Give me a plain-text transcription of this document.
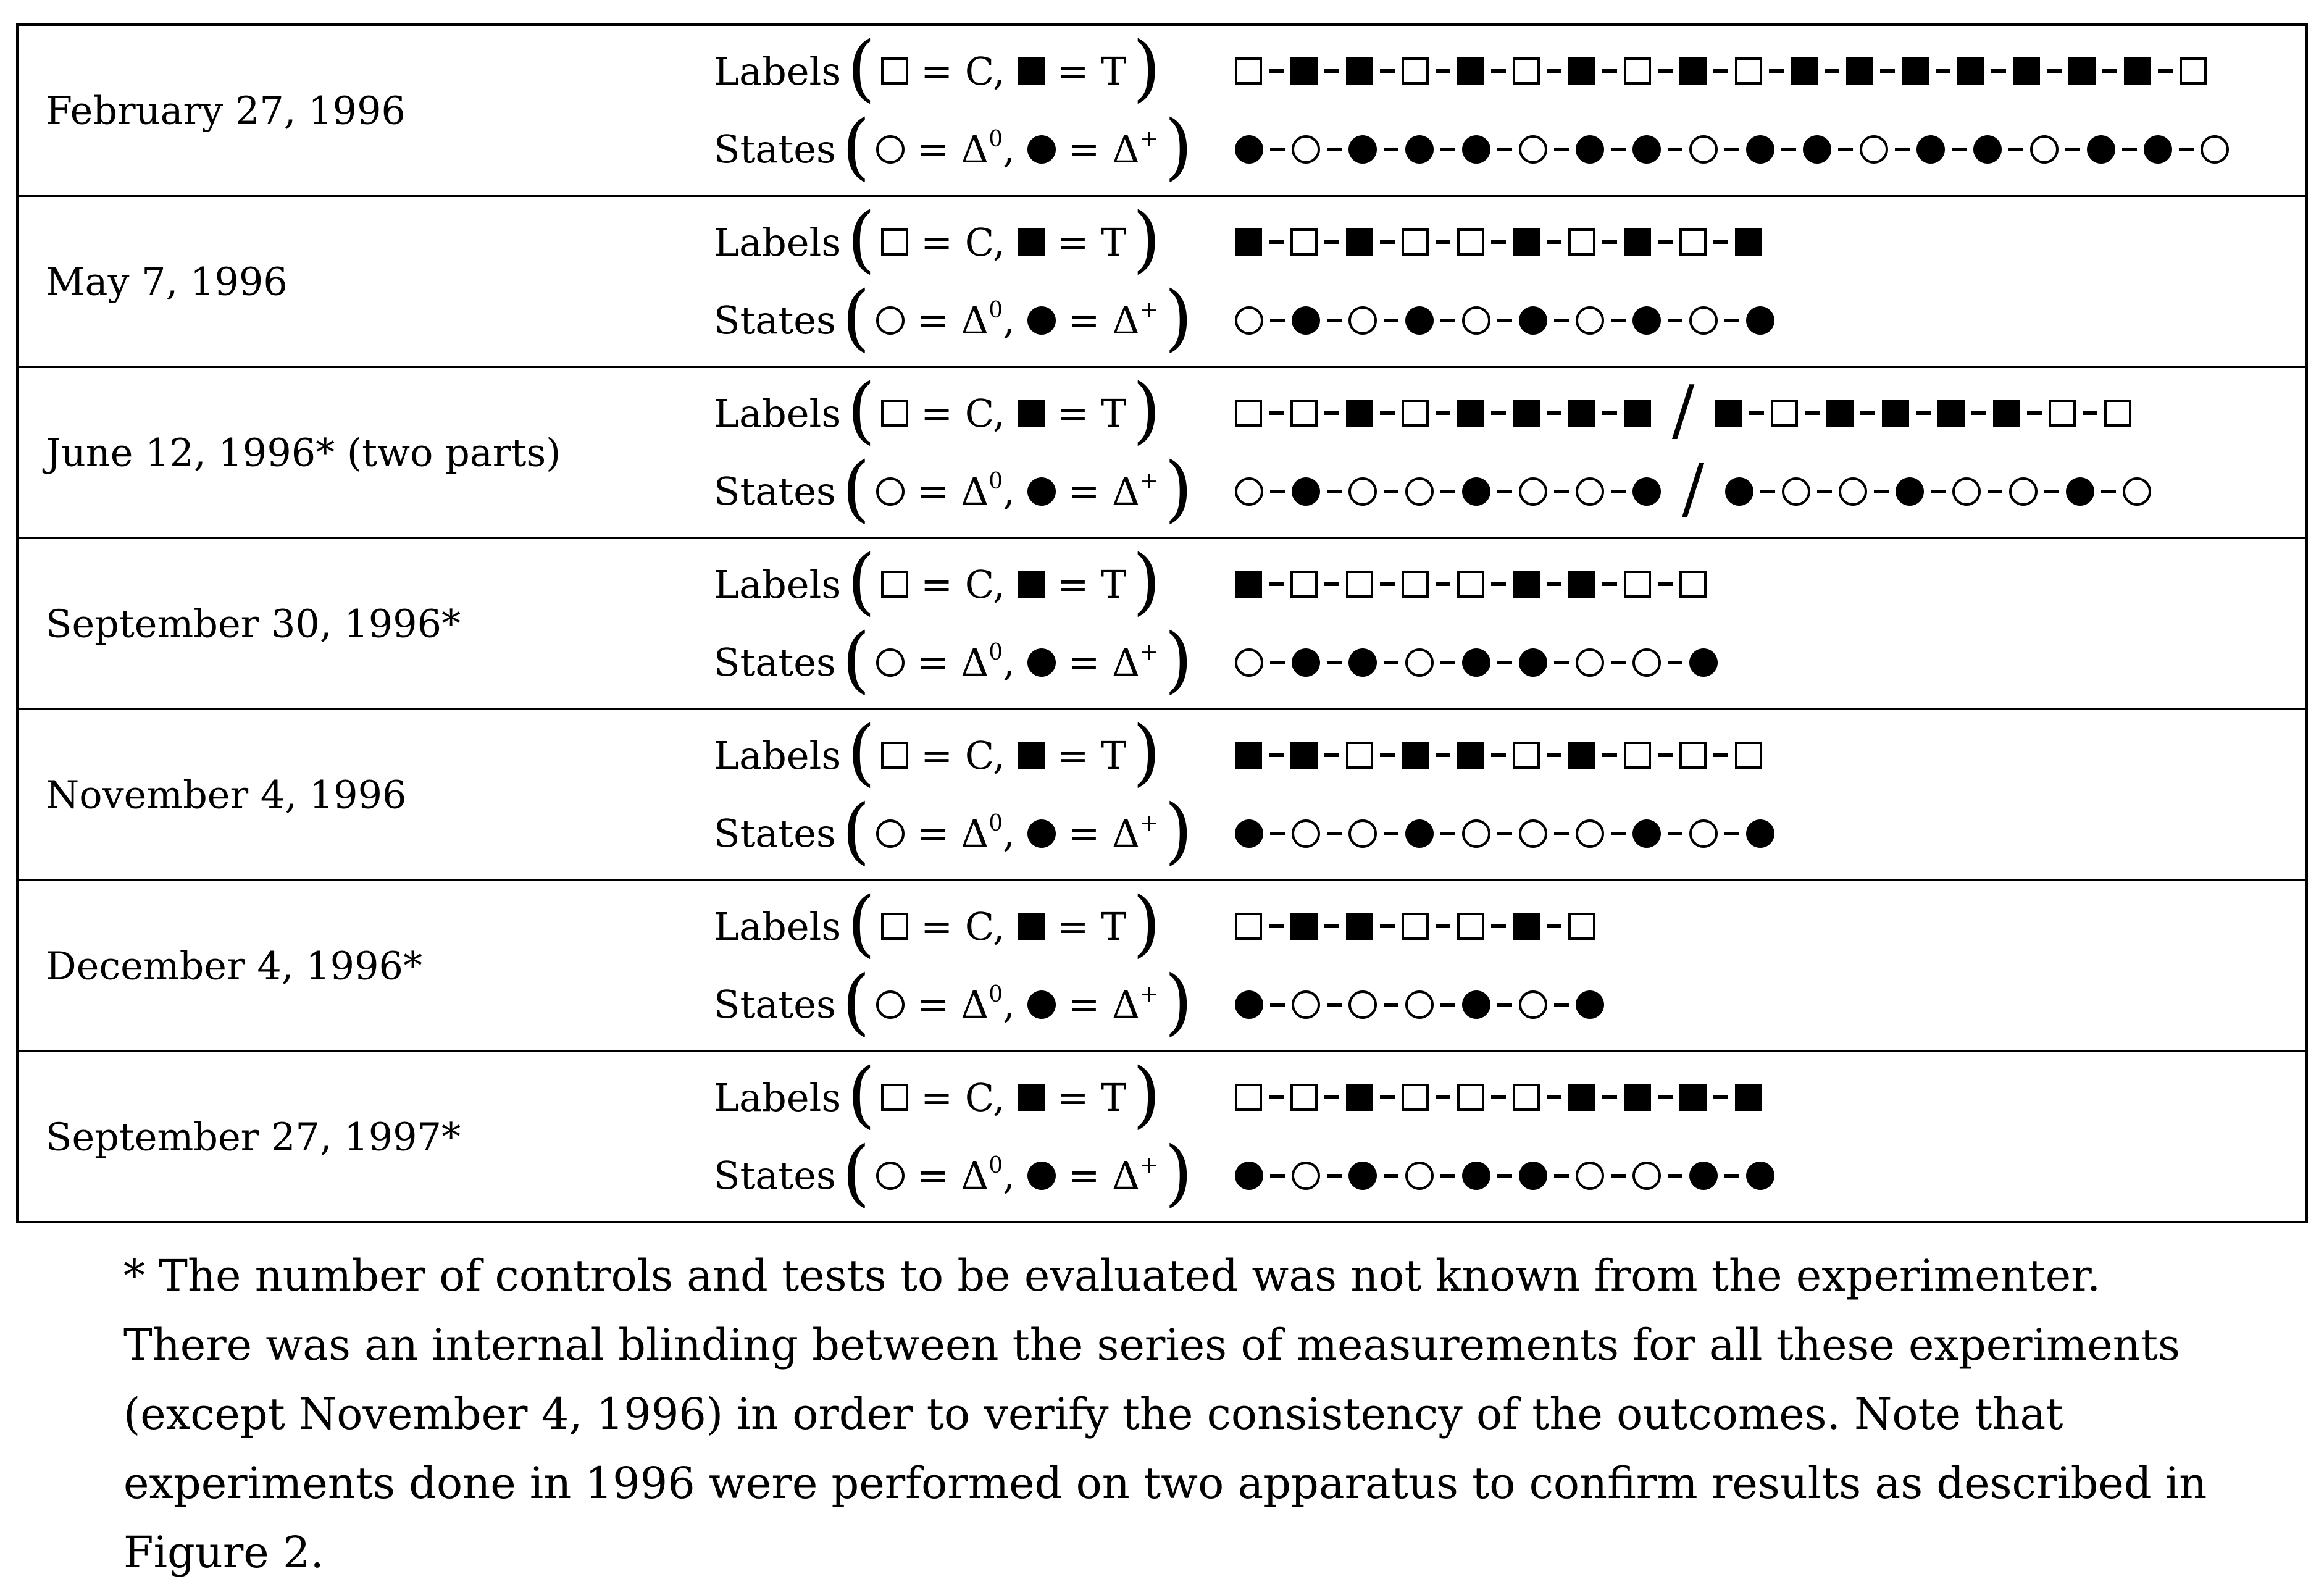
February 27, 1996
Labels ( = C, = T )
States ( = $\Delta^0$, = Δ+ )
May 7, 1996
Labels ( = C, = T )
States ( = $\Delta^0$, = Δ+ )
June 12, 1996* (two parts)
Labels ( = C, = T )	/
States ( = $\Delta^0$, = Δ+ )	/
September 30, 1996*
Labels ( = C, = T )
States ( = $\Delta^0$, = Δ+ )
November 4, 1996
Labels ( = C, = T )
States ( = $\Delta^0$, = Δ+ )
December 4, 1996*
Labels ( = C, = T )
States ( = $\Delta^0$, = Δ+ )
September 27, 1997*
Labels ( = C, = T )
States ( = $\Delta^0$, = Δ+ )

* The number of controls and tests to be evaluated was not known from the experimenter.

There was an internal blinding between the series of measurements for all these experiments (except November 4, 1996) in order to verify the consistency of the outcomes. Note that experiments done in 1996 were performed on two apparatus to confirm results as described in Figure 2.
